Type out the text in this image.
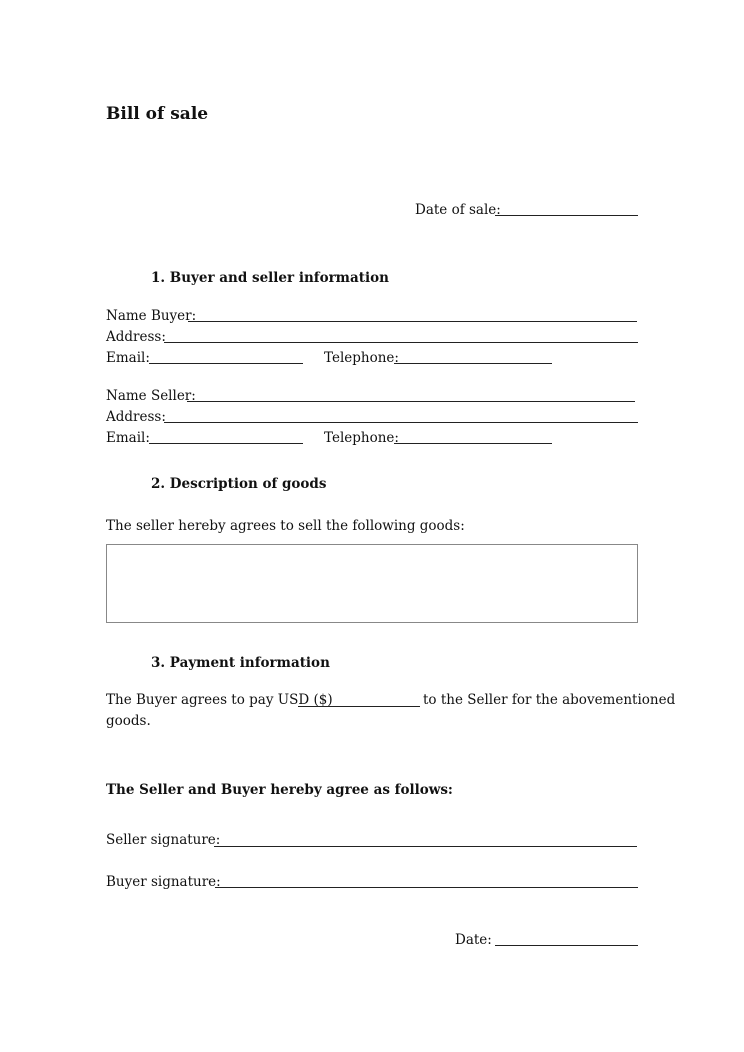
Bill of sale
Date of sale:
1. Buyer and seller information
Name Buyer:
Address:
Email:	Telephone:
Name Seller:
Address:
Email:	Telephone:
2. Description of goods
The seller hereby agrees to sell the following goods:
3. Payment information
The Buyer agrees to pay USD ($)	to the Seller for the abovementioned
goods.
The Seller and Buyer hereby agree as follows:
Seller signature:
Buyer signature:
Date:
